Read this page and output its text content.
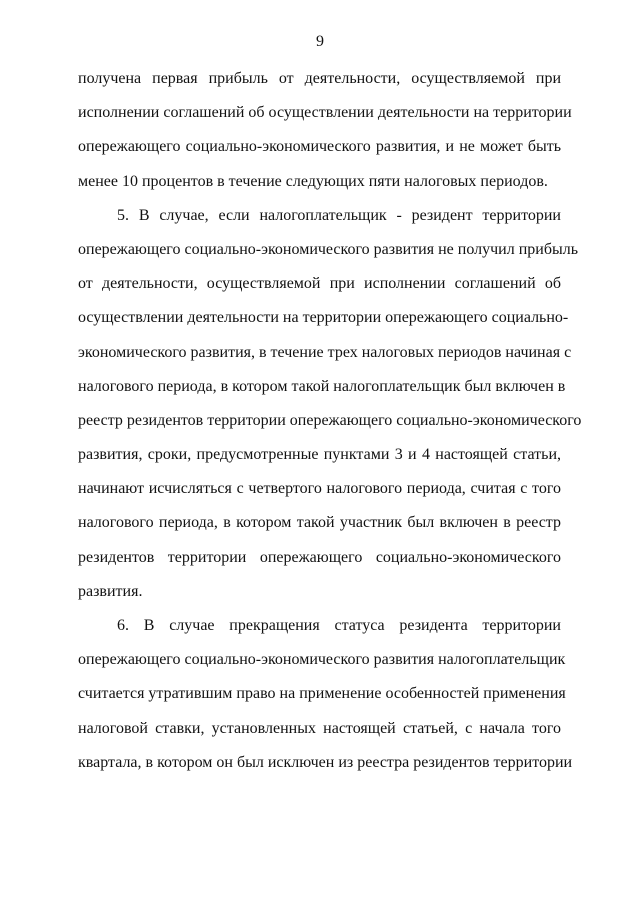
9
получена первая прибыль от деятельности, осуществляемой при
исполнении соглашений об осуществлении деятельности на территории
опережающего социально-экономического развития, и не может быть
менее 10 процентов в течение следующих пяти налоговых периодов.
5. В случае, если налогоплательщик - резидент территории
опережающего социально-экономического развития не получил прибыль
от деятельности, осуществляемой при исполнении соглашений об
осуществлении деятельности на территории опережающего социально-
экономического развития, в течение трех налоговых периодов начиная с
налогового периода, в котором такой налогоплательщик был включен в
реестр резидентов территории опережающего социально-экономического
развития, сроки, предусмотренные пунктами 3 и 4 настоящей статьи,
начинают исчисляться с четвертого налогового периода, считая с того
налогового периода, в котором такой участник был включен в реестр
резидентов территории опережающего социально-экономического
развития.
6. В случае прекращения статуса резидента территории
опережающего социально-экономического развития налогоплательщик
считается утратившим право на применение особенностей применения
налоговой ставки, установленных настоящей статьей, с начала того
квартала, в котором он был исключен из реестра резидентов территории
